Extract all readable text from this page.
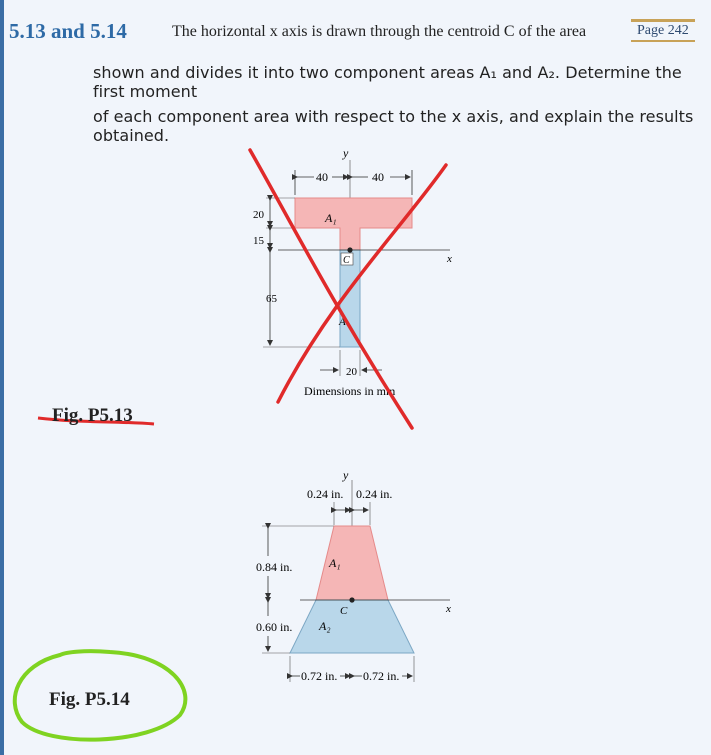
5.13 and 5.14	The horizontal x axis is drawn through the centroid C of the area	Page 242
shown and divides it into two component areas A₁ and A₂. Determine the first moment
of each component area with respect to the x axis, and explain the results obtained.
y
40	40
A₁
A
x
C
20
15
65
20
Dimensions in mm
y
0.24 in. 0.24 in.
A₁
A₂
x
C
0.84 in.
0.60 in.
0.72 in. 0.72 in.
Fig. P5.13
Fig. P5.14
